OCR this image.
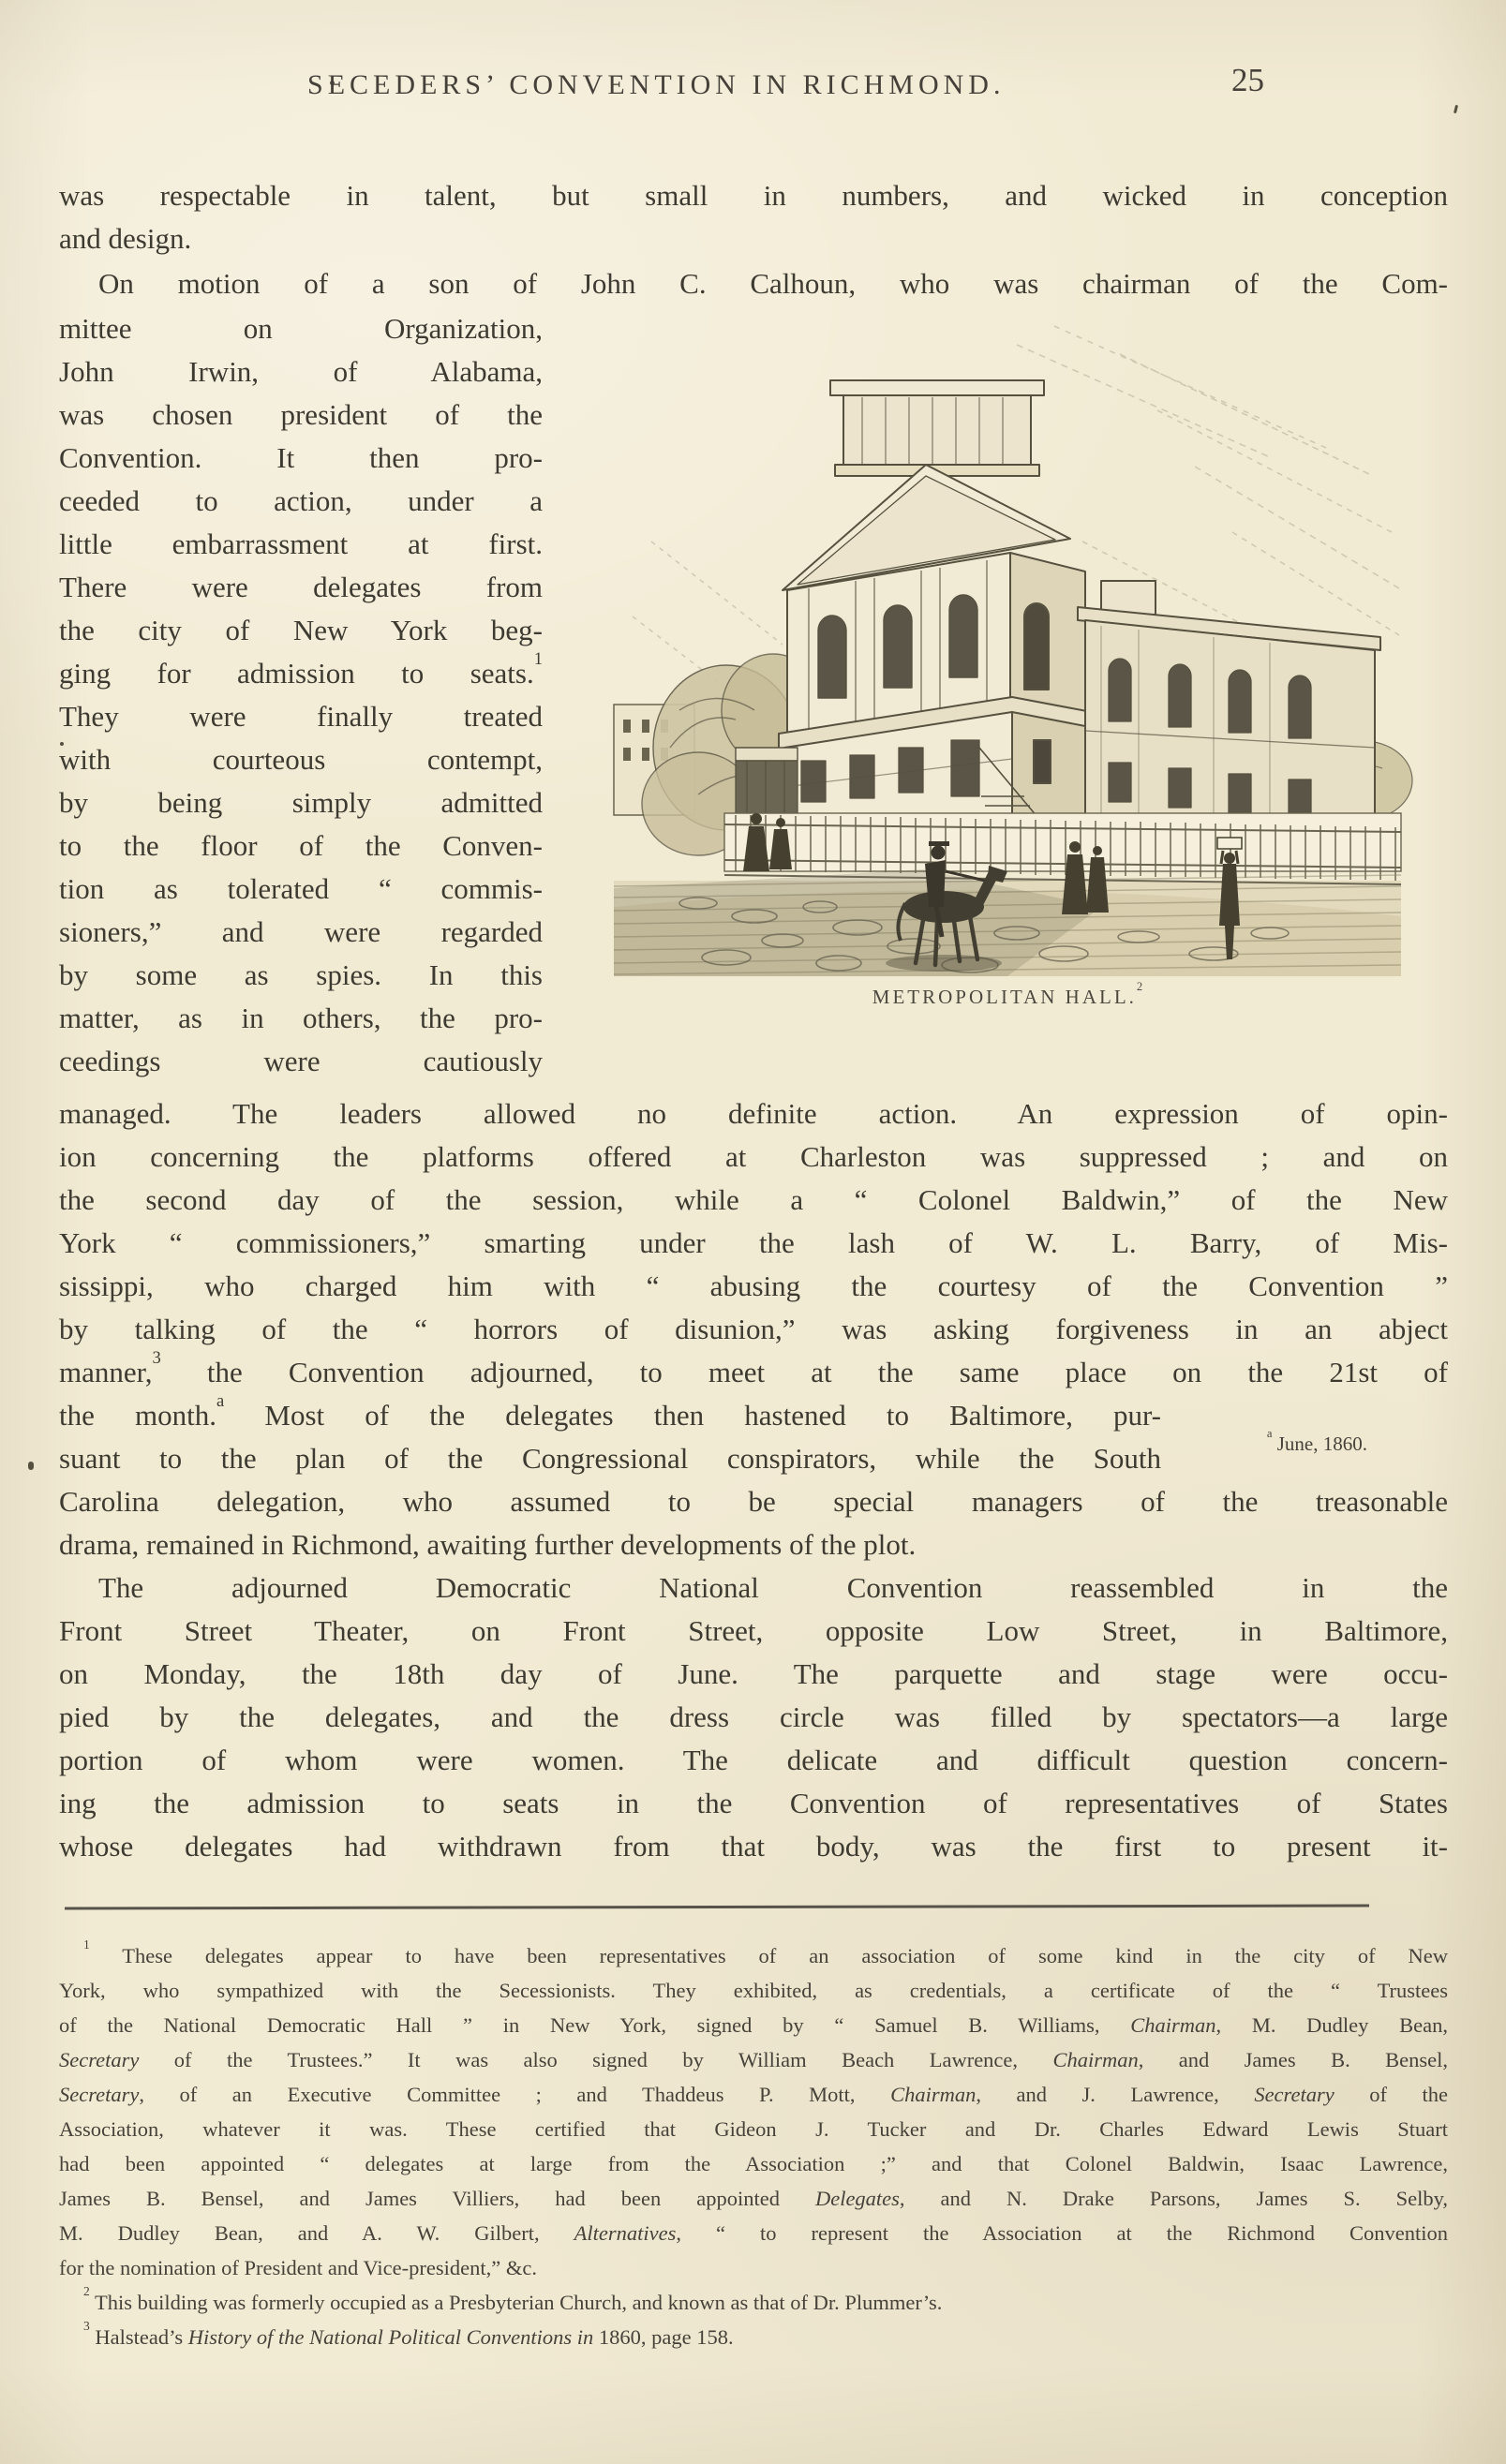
SECEDERS’ CONVENTION IN RICHMOND.	25
was respectable in talent, but small in numbers, and wicked in conception
and design.
On motion of a son of John C. Calhoun, who was chairman of the Com-
mittee on Organization,
John Irwin, of Alabama,
was chosen president of the
Convention. It then pro-
ceeded to action, under a
little embarrassment at first.
There were delegates from
the city of New York beg-
ging for admission to seats.$^1$
They were finally treated
with courteous contempt,
by being simply admitted
to the floor of the Conven-
tion as tolerated “ commis-
sioners,” and were regarded
by some as spies. In this
matter, as in others, the pro-
ceedings were cautiously
METROPOLITAN HALL.$^2$
managed. The leaders allowed no definite action. An expression of opin-
ion concerning the platforms offered at Charleston was suppressed ; and on
the second day of the session, while a “ Colonel Baldwin,” of the New
York “ commissioners,” smarting under the lash of W. L. Barry, of Mis-
sissippi, who charged him with “ abusing the courtesy of the Convention ”
by talking of the “ horrors of disunion,” was asking forgiveness in an abject
manner,$^3$ the Convention adjourned, to meet at the same place on the 21st of
the month.$^a$ Most of the delegates then hastened to Baltimore, pur-
suant to the plan of the Congressional conspirators, while the South
Carolina delegation, who assumed to be special managers of the treasonable
drama, remained in Richmond, awaiting further developments of the plot.
$^a$ June, 1860.
The adjourned Democratic National Convention reassembled in the
Front Street Theater, on Front Street, opposite Low Street, in Baltimore,
on Monday, the 18th day of June. The parquette and stage were occu-
pied by the delegates, and the dress circle was filled by spectators—a large
portion of whom were women. The delicate and difficult question concern-
ing the admission to seats in the Convention of representatives of States
whose delegates had withdrawn from that body, was the first to present it-
$^1$ These delegates appear to have been representatives of an association of some kind in the city of New
York, who sympathized with the Secessionists. They exhibited, as credentials, a certificate of the “ Trustees
of the National Democratic Hall ” in New York, signed by “ Samuel B. Williams, Chairman, M. Dudley Bean,
Secretary of the Trustees.” It was also signed by William Beach Lawrence, Chairman, and James B. Bensel,
Secretary, of an Executive Committee ; and Thaddeus P. Mott, Chairman, and J. Lawrence, Secretary of the
Association, whatever it was. These certified that Gideon J. Tucker and Dr. Charles Edward Lewis Stuart
had been appointed “ delegates at large from the Association ;” and that Colonel Baldwin, Isaac Lawrence,
James B. Bensel, and James Villiers, had been appointed Delegates, and N. Drake Parsons, James S. Selby,
M. Dudley Bean, and A. W. Gilbert, Alternatives, “ to represent the Association at the Richmond Convention
for the nomination of President and Vice-president,” &c.
$^2$ This building was formerly occupied as a Presbyterian Church, and known as that of Dr. Plummer’s.
$^3$ Halstead’s History of the National Political Conventions in 1860, page 158.
